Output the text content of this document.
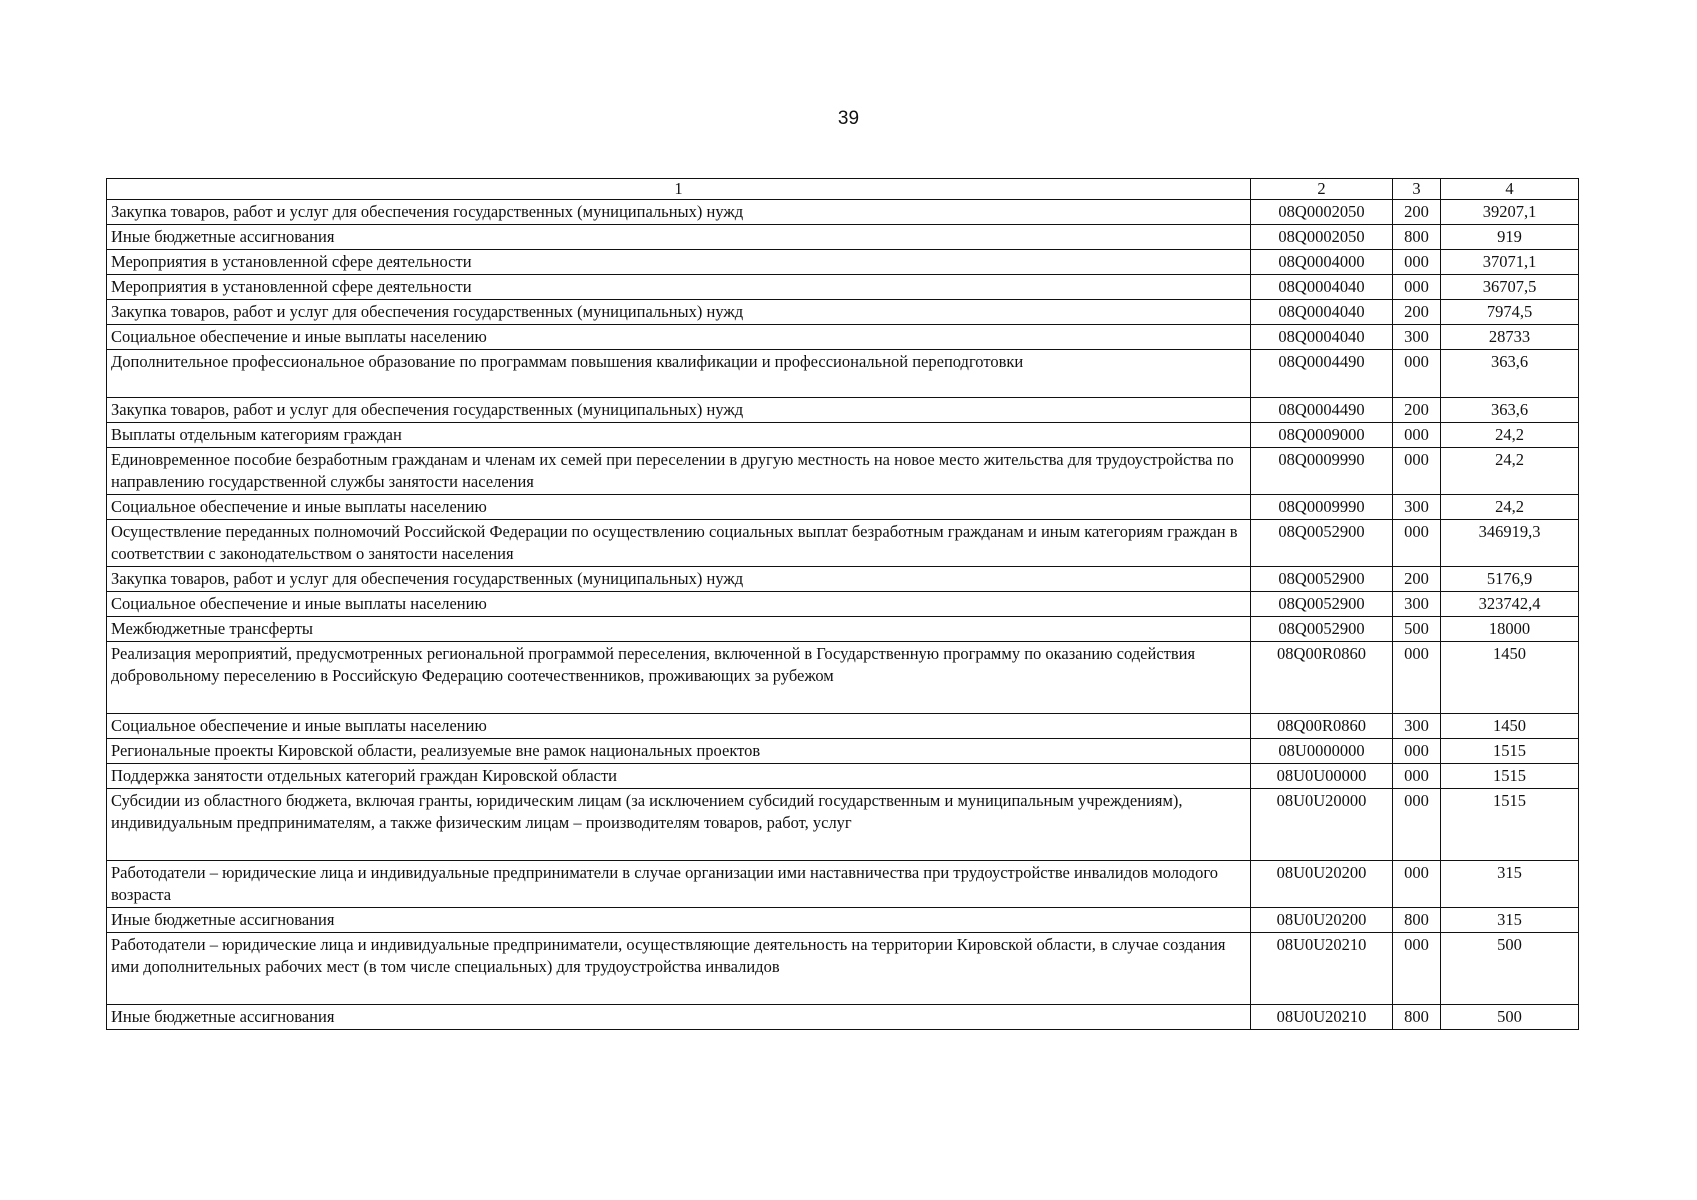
39
1	2	3	4
Закупка товаров, работ и услуг для обеспечения государственных (муниципальных) нужд	08Q0002050	200	39207,1
Иные бюджетные ассигнования	08Q0002050	800	919
Мероприятия в установленной сфере деятельности	08Q0004000	000	37071,1
Мероприятия в установленной сфере деятельности	08Q0004040	000	36707,5
Закупка товаров, работ и услуг для обеспечения государственных (муниципальных) нужд	08Q0004040	200	7974,5
Социальное обеспечение и иные выплаты населению	08Q0004040	300	28733
Дополнительное профессиональное образование по программам повышения квалификации и профессиональной переподготовки	08Q0004490	000	363,6
Закупка товаров, работ и услуг для обеспечения государственных (муниципальных) нужд	08Q0004490	200	363,6
Выплаты отдельным категориям граждан	08Q0009000	000	24,2
Единовременное пособие безработным гражданам и членам их семей при переселении в другую местность на новое место жительства для трудоустройства по направлению государственной службы занятости населения	08Q0009990	000	24,2
Социальное обеспечение и иные выплаты населению	08Q0009990	300	24,2
Осуществление переданных полномочий Российской Федерации по осуществлению социальных выплат безработным гражданам и иным категориям граждан в соответствии с законодательством о занятости населения	08Q0052900	000	346919,3
Закупка товаров, работ и услуг для обеспечения государственных (муниципальных) нужд	08Q0052900	200	5176,9
Социальное обеспечение и иные выплаты населению	08Q0052900	300	323742,4
Межбюджетные трансферты	08Q0052900	500	18000
Реализация мероприятий, предусмотренных региональной программой переселения, включенной в Государственную программу по оказанию содействия добровольному переселению в Российскую Федерацию соотечественников, проживающих за рубежом	08Q00R0860	000	1450
Социальное обеспечение и иные выплаты населению	08Q00R0860	300	1450
Региональные проекты Кировской области, реализуемые вне рамок национальных проектов	08U0000000	000	1515
Поддержка занятости отдельных категорий граждан Кировской области	08U0U00000	000	1515
Субсидии из областного бюджета, включая гранты, юридическим лицам (за исключением субсидий государственным и муниципальным учреждениям), индивидуальным предпринимателям, а также физическим лицам – производителям товаров, работ, услуг	08U0U20000	000	1515
Работодатели – юридические лица и индивидуальные предприниматели в случае организации ими наставничества при трудоустройстве инвалидов молодого возраста	08U0U20200	000	315
Иные бюджетные ассигнования	08U0U20200	800	315
Работодатели – юридические лица и индивидуальные предприниматели, осуществляющие деятельность на территории Кировской области, в случае создания ими дополнительных рабочих мест (в том числе специальных) для трудоустройства инвалидов	08U0U20210	000	500
Иные бюджетные ассигнования	08U0U20210	800	500
